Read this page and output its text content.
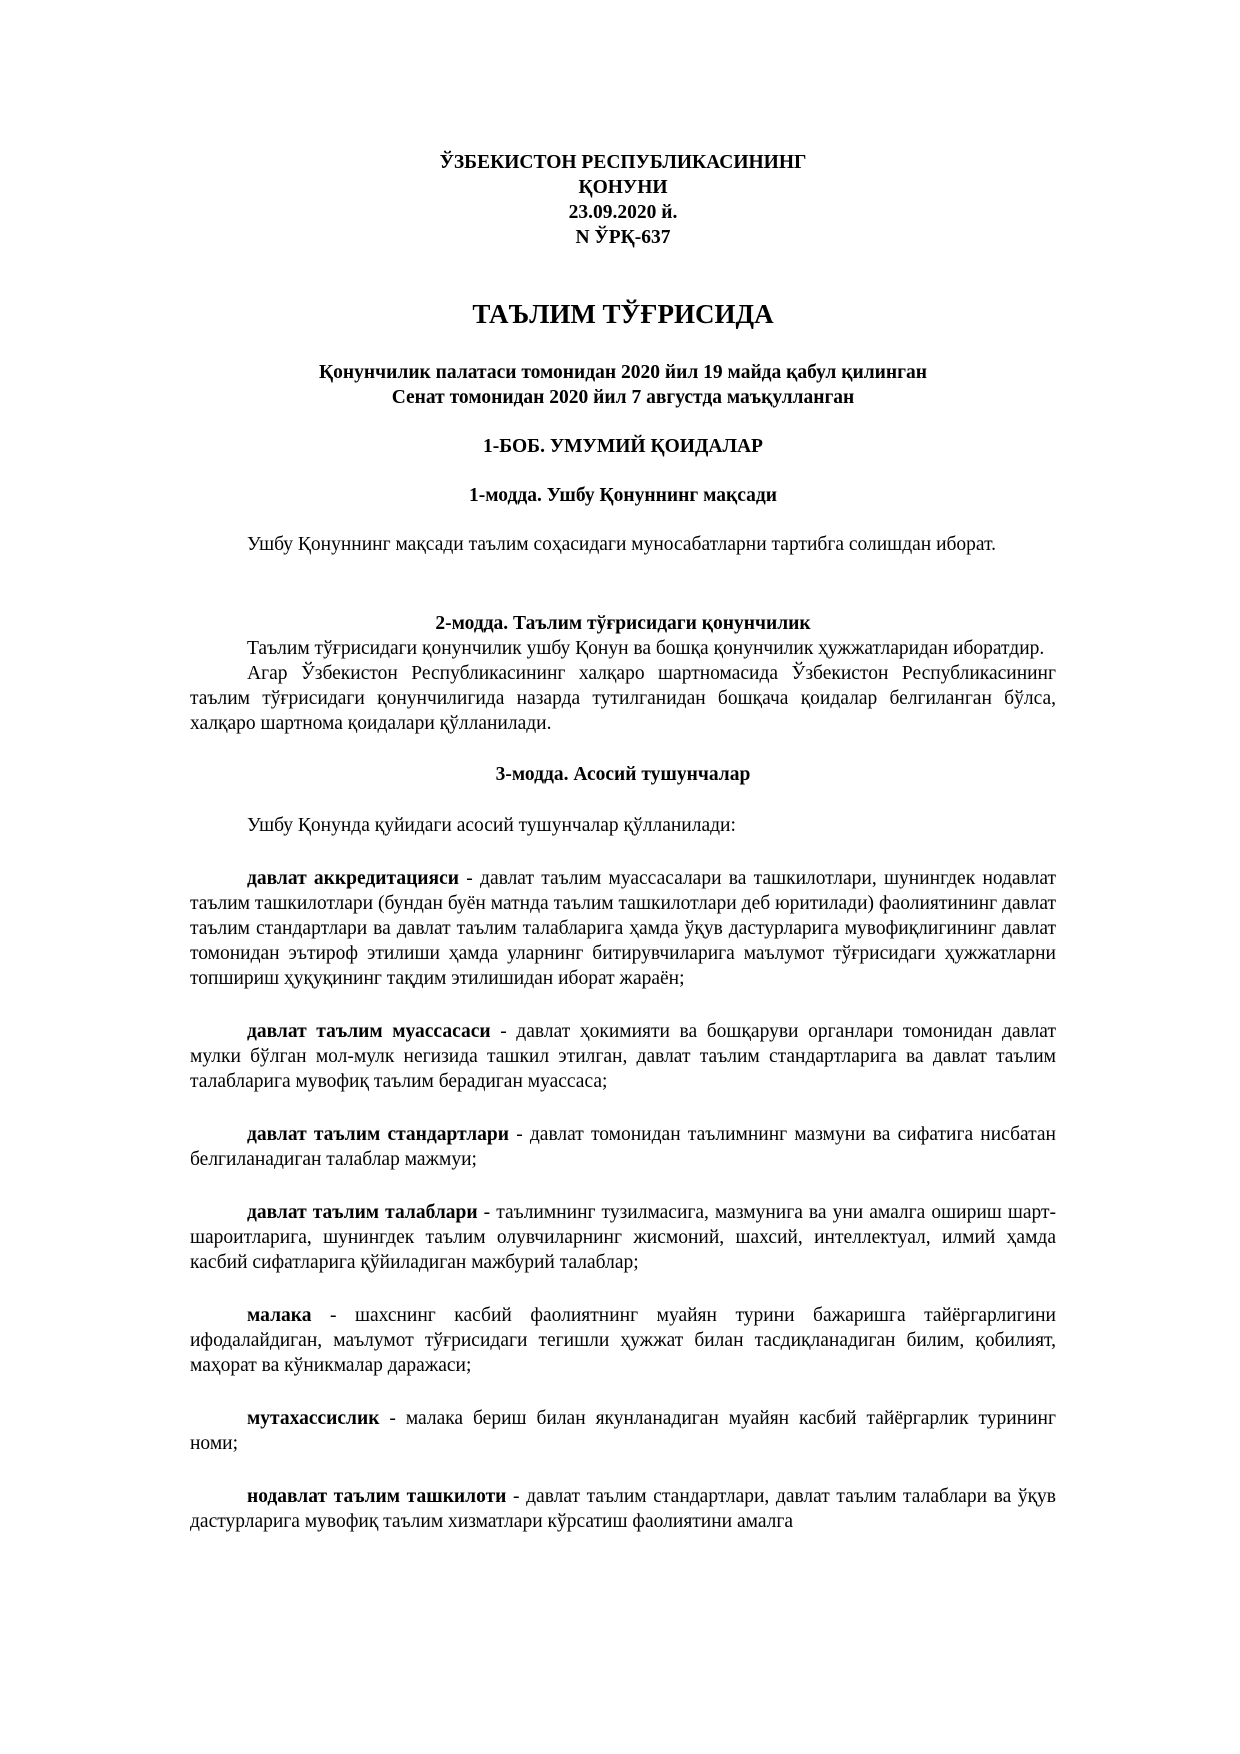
ЎЗБЕКИСТОН РЕСПУБЛИКАСИНИНГ
ҚОНУНИ
23.09.2020 й.
N ЎРҚ-637
ТАЪЛИМ ТЎҒРИСИДА
Қонунчилик палатаси томонидан 2020 йил 19 майда қабул қилинган
Сенат томонидан 2020 йил 7 августда маъқулланган
1-БОБ. УМУМИЙ ҚОИДАЛАР
1-модда. Ушбу Қонуннинг мақсади

Ушбу Қонуннинг мақсади таълим соҳасидаги муносабатларни тартибга солишдан иборат.

2-модда. Таълим тўғрисидаги қонунчилик

Таълим тўғрисидаги қонунчилик ушбу Қонун ва бошқа қонунчилик ҳужжатларидан иборатдир.

Агар Ўзбекистон Республикасининг халқаро шартномасида Ўзбекистон Республикасининг таълим тўғрисидаги қонунчилигида назарда тутилганидан бошқача қоидалар белгиланган бўлса, халқаро шартнома қоидалари қўлланилади.

3-модда. Асосий тушунчалар

Ушбу Қонунда қуйидаги асосий тушунчалар қўлланилади:

давлат аккредитацияси - давлат таълим муассасалари ва ташкилотлари, шунингдек нодавлат таълим ташкилотлари (бундан буён матнда таълим ташкилотлари деб юритилади) фаолиятининг давлат таълим стандартлари ва давлат таълим талабларига ҳамда ўқув дастурларига мувофиқлигининг давлат томонидан эътироф этилиши ҳамда уларнинг битирувчиларига маълумот тўғрисидаги ҳужжатларни топшириш ҳуқуқининг тақдим этилишидан иборат жараён;

давлат таълим муассасаси - давлат ҳокимияти ва бошқаруви органлари томонидан давлат мулки бўлган мол-мулк негизида ташкил этилган, давлат таълим стандартларига ва давлат таълим талабларига мувофиқ таълим берадиган муассаса;

давлат таълим стандартлари - давлат томонидан таълимнинг мазмуни ва сифатига нисбатан белгиланадиган талаблар мажмуи;

давлат таълим талаблари - таълимнинг тузилмасига, мазмунига ва уни амалга ошириш шарт-шароитларига, шунингдек таълим олувчиларнинг жисмоний, шахсий, интеллектуал, илмий ҳамда касбий сифатларига қўйиладиган мажбурий талаблар;

малака - шахснинг касбий фаолиятнинг муайян турини бажаришга тайёргарлигини ифодалайдиган, маълумот тўғрисидаги тегишли ҳужжат билан тасдиқланадиган билим, қобилият, маҳорат ва кўникмалар даражаси;

мутахассислик - малака бериш билан якунланадиган муайян касбий тайёргарлик турининг номи;

нодавлат таълим ташкилоти - давлат таълим стандартлари, давлат таълим талаблари ва ўқув дастурларига мувофиқ таълим хизматлари кўрсатиш фаолиятини амалга
